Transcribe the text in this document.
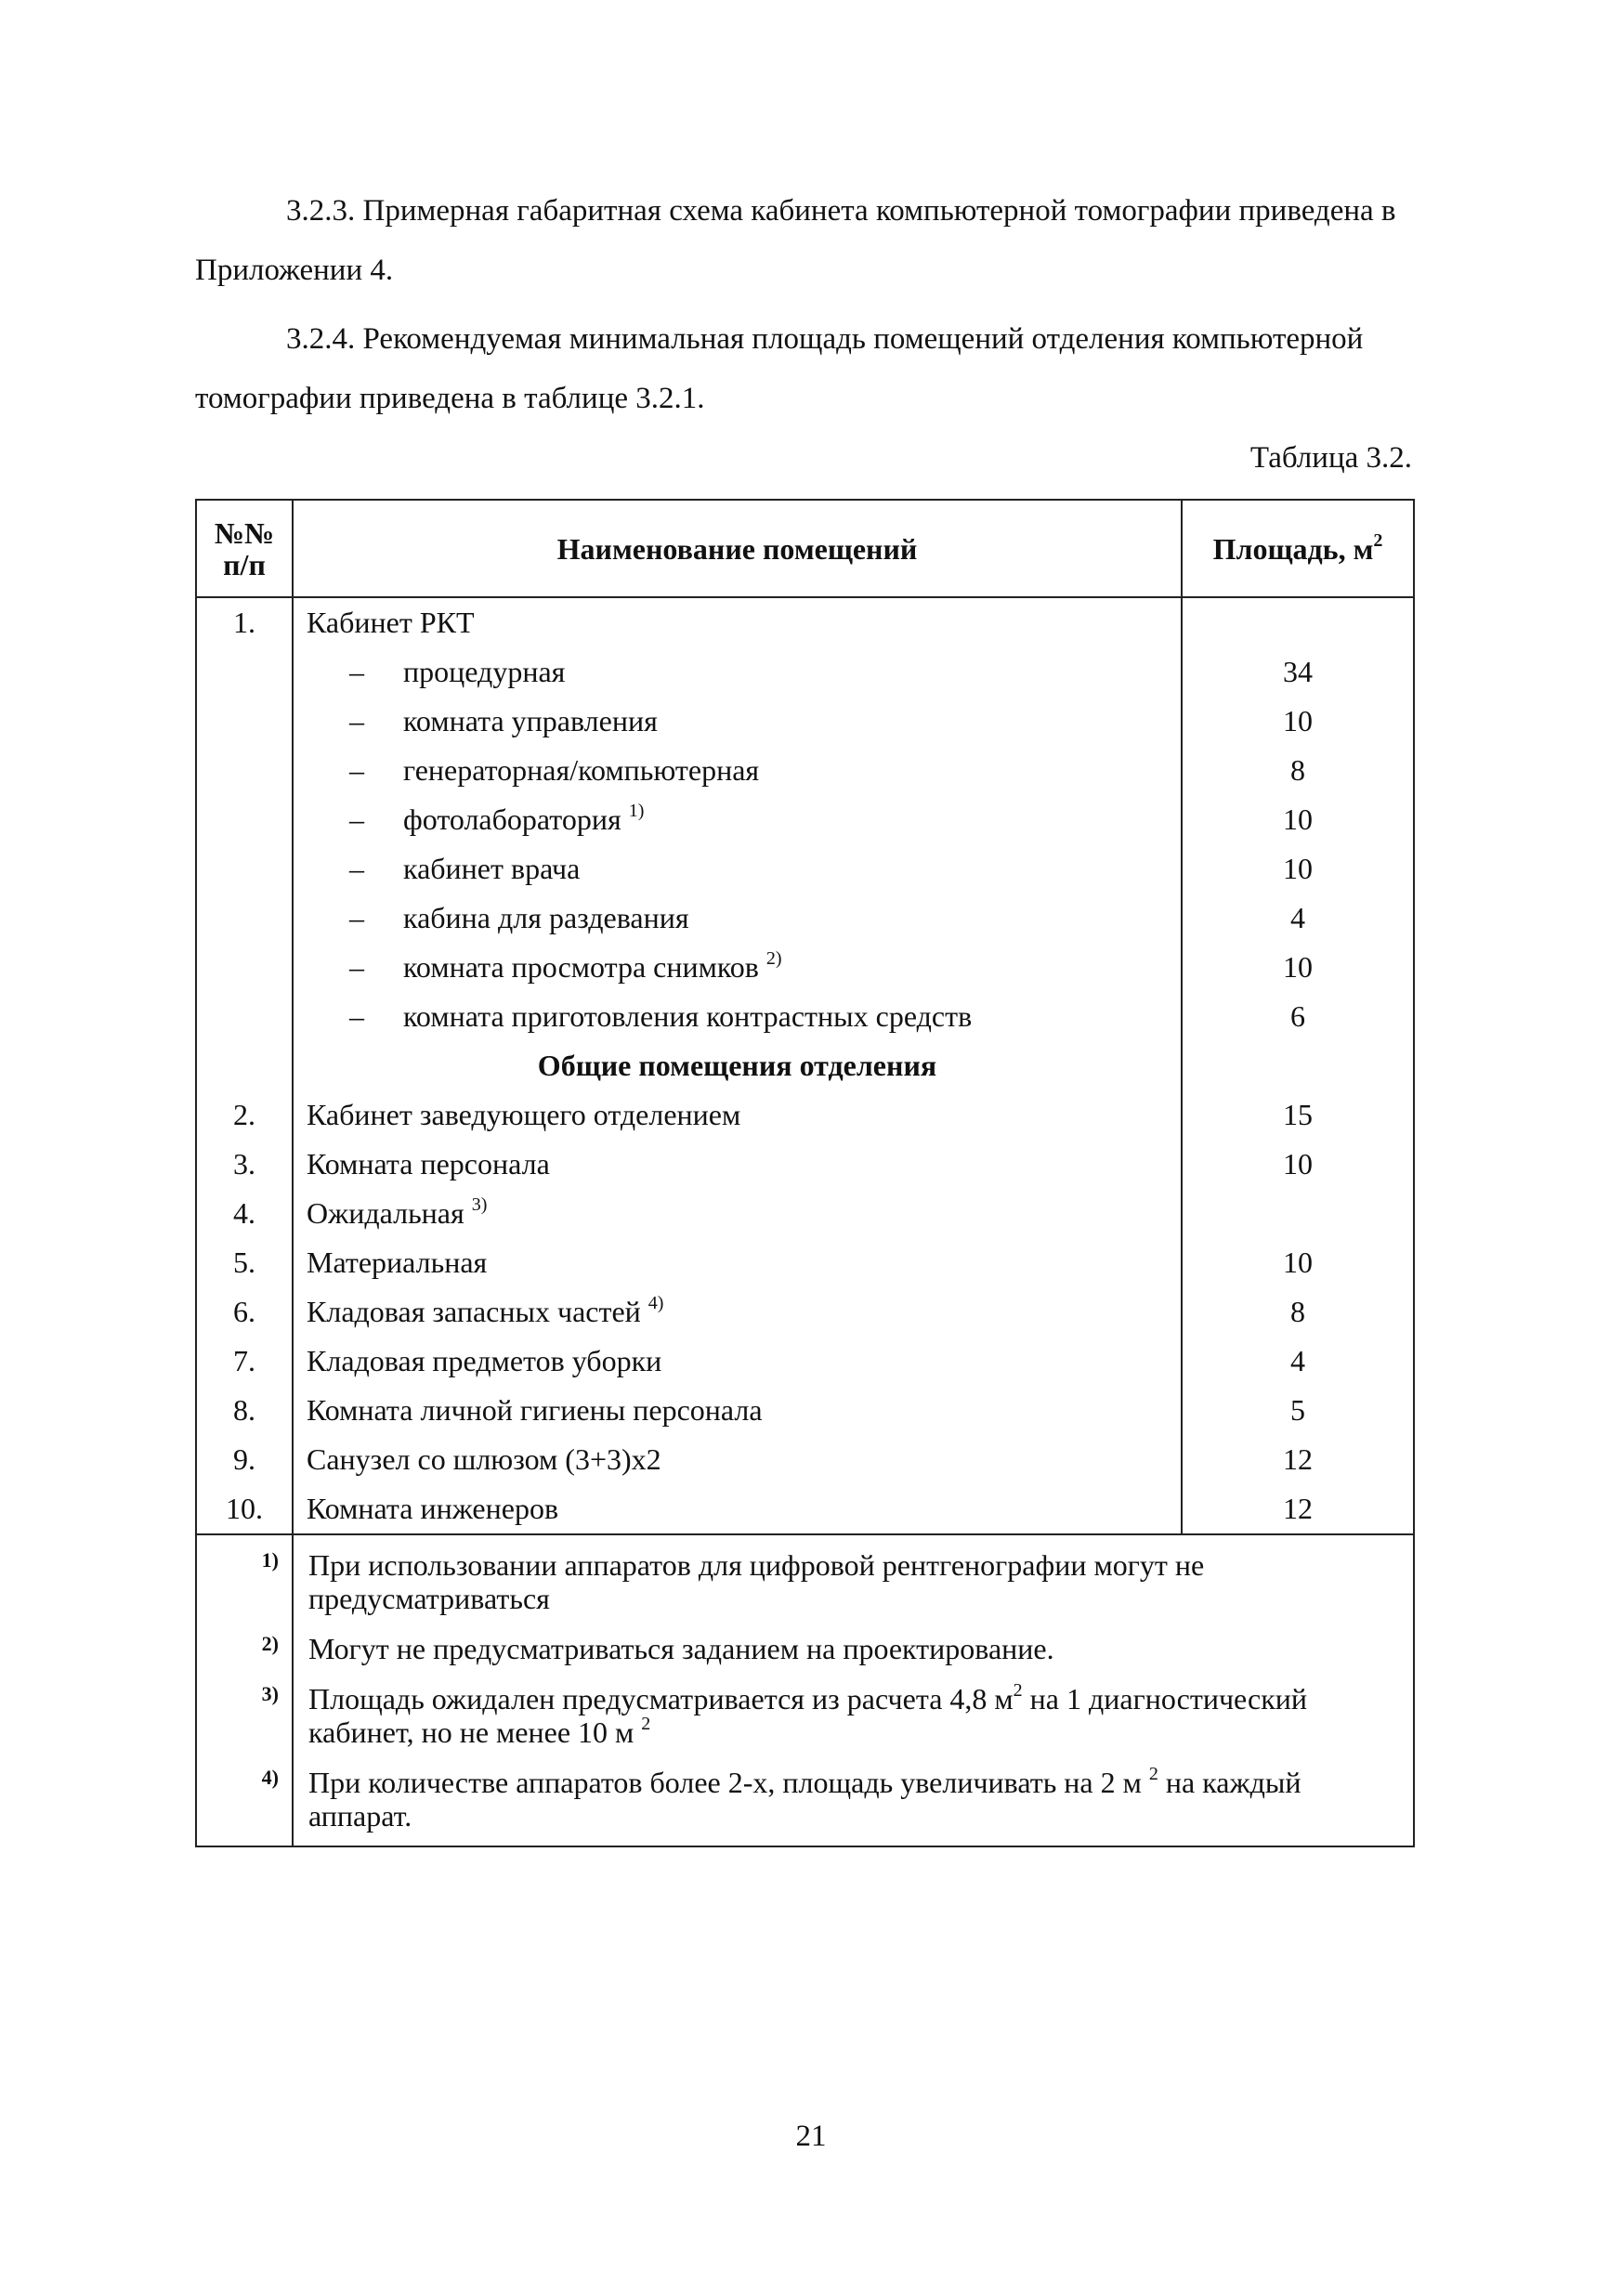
3.2.3. Примерная габаритная схема кабинета компьютерной томографии приведена в Приложении 4.
3.2.4. Рекомендуемая минимальная площадь помещений отделения компьютерной томографии приведена в таблице 3.2.1.
Таблица 3.2.
№№
п/п	Наименование помещений	Площадь, $м^2$
1.	Кабинет РКТ	
	– процедурная	34
	– комната управления	10
	– генераторная/компьютерная	8
	– фотолаборатория $^{1)}$	10
	– кабинет врача	10
	– кабина для раздевания	4
	– комната просмотра снимков $^{2)}$	10
	– комната приготовления контрастных средств	6
	Общие помещения отделения	
2.	Кабинет заведующего отделением	15
3.	Комната персонала	10
4.	Ожидальная $^{3)}$	
5.	Материальная	10
6.	Кладовая запасных частей $^{4)}$	8
7.	Кладовая предметов уборки	4
8.	Комната личной гигиены персонала	5
9.	Санузел со шлюзом (3+3)х2	12
10.	Комната инженеров	12
1)	При использовании аппаратов для цифровой рентгенографии могут не предусматриваться	
2)	Могут не предусматриваться заданием на проектирование.	
3)	Площадь ожидален предусматривается из расчета 4,8 $м^2$ на 1 диагностический кабинет, но не менее 10 м $^2$
4)	При количестве аппаратов более 2-х, площадь увеличивать на 2 м $^2$ на каждый аппарат.	
21
